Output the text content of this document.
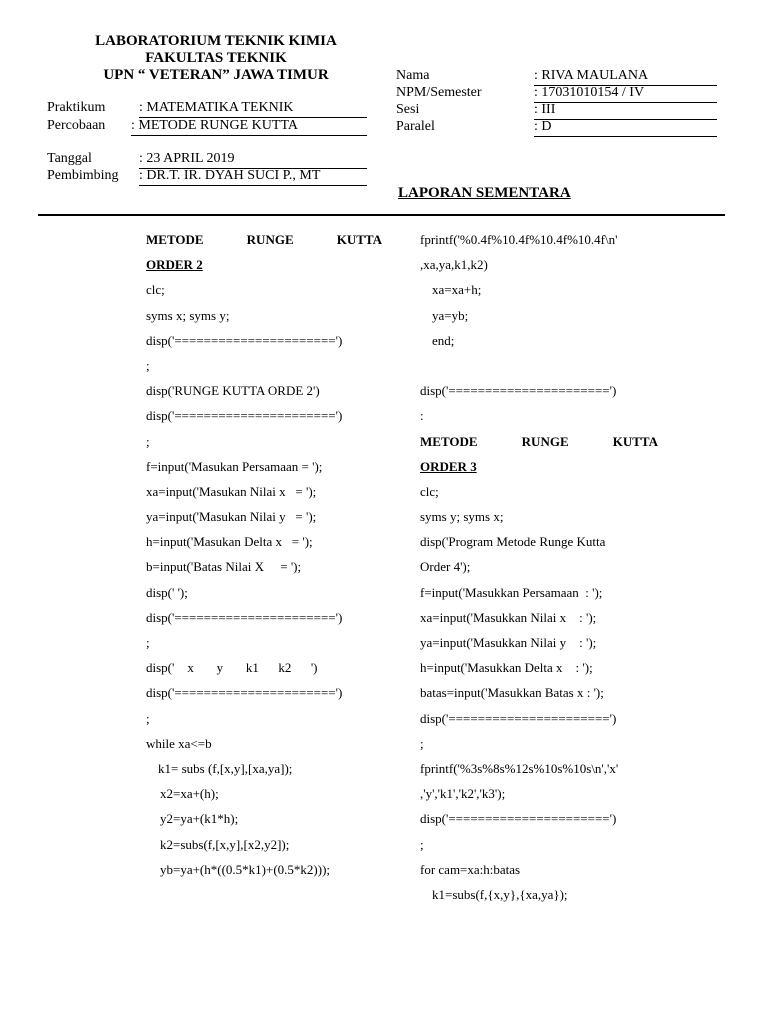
LABORATORIUM TEKNIK KIMIA
FAKULTAS TEKNIK
UPN “ VETERAN” JAWA TIMUR
Praktikum : MATEMATIKA TEKNIK
Percobaan : METODE RUNGE KUTTA
Tanggal	: 23 APRIL 2019
Pembimbing : DR.T. IR. DYAH SUCI P., MT
Nama	: RIVA MAULANA
NPM/Semester	: 17031010154 / IV
Sesi	: III
Paralel	: D
LAPORAN SEMENTARA
METODE	RUNGE	KUTTA
ORDER 2
clc;
syms x; syms y;
disp('======================')
;
disp('RUNGE KUTTA ORDE 2')
disp('======================')
;
f=input('Masukan Persamaan = ');
xa=input('Masukan Nilai x   = ');
ya=input('Masukan Nilai y   = ');
h=input('Masukan Delta x   = ');
b=input('Batas Nilai X     = ');
disp(' ');
disp('======================')
;
disp('    x       y       k1      k2      ')
disp('======================')
;
while xa<=b
k1= subs (f,[x,y],[xa,ya]);
x2=xa+(h);
y2=ya+(k1*h);
k2=subs(f,[x,y],[x2,y2]);
yb=ya+(h*((0.5*k1)+(0.5*k2)));
fprintf('%0.4f%10.4f%10.4f%10.4f\n'
,xa,ya,k1,k2)
xa=xa+h;
ya=yb;
end;
disp('======================')
:
METODE	RUNGE	KUTTA
ORDER 3
clc;
syms y; syms x;
disp('Program Metode Runge Kutta
Order 4');
f=input('Masukkan Persamaan  : ');
xa=input('Masukkan Nilai x    : ');
ya=input('Masukkan Nilai y    : ');
h=input('Masukkan Delta x    : ');
batas=input('Masukkan Batas x : ');
disp('======================')
;
fprintf('%3s%8s%12s%10s%10s\n','x'
,'y','k1','k2','k3');
disp('======================')
;
for cam=xa:h:batas
k1=subs(f,{x,y},{xa,ya});
